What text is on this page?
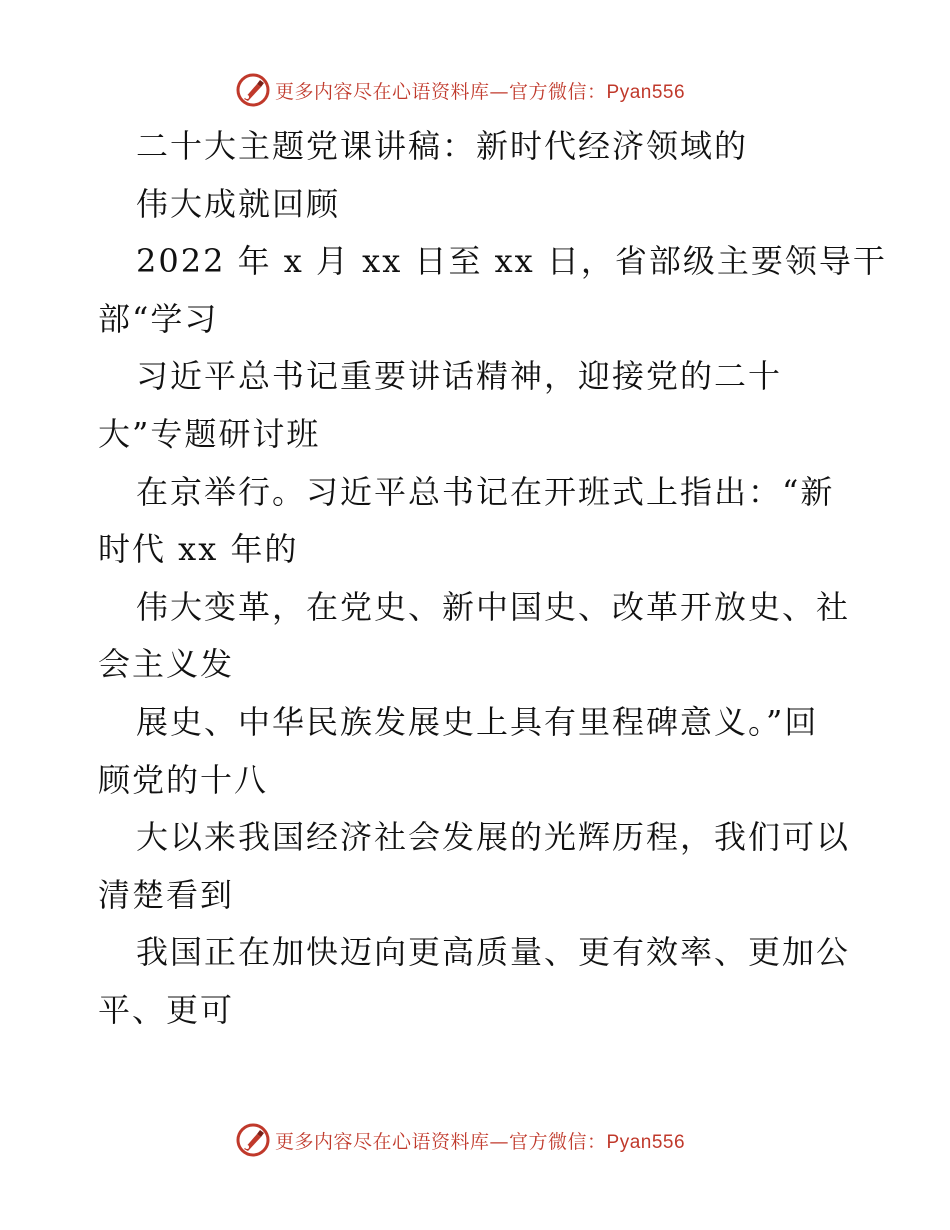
更多内容尽在心语资料库—官方微信：Pyan556
二十大主题党课讲稿：新时代经济领域的
伟大成就回顾
2022 年 x 月 xx 日至 xx 日，省部级主要领导干
部“学习
习近平总书记重要讲话精神，迎接党的二十
大”专题研讨班
在京举行。习近平总书记在开班式上指出：“新
时代 xx 年的
伟大变革，在党史、新中国史、改革开放史、社
会主义发
展史、中华民族发展史上具有里程碑意义。”回
顾党的十八
大以来我国经济社会发展的光辉历程，我们可以
清楚看到
我国正在加快迈向更高质量、更有效率、更加公
平、更可
更多内容尽在心语资料库—官方微信：Pyan556
